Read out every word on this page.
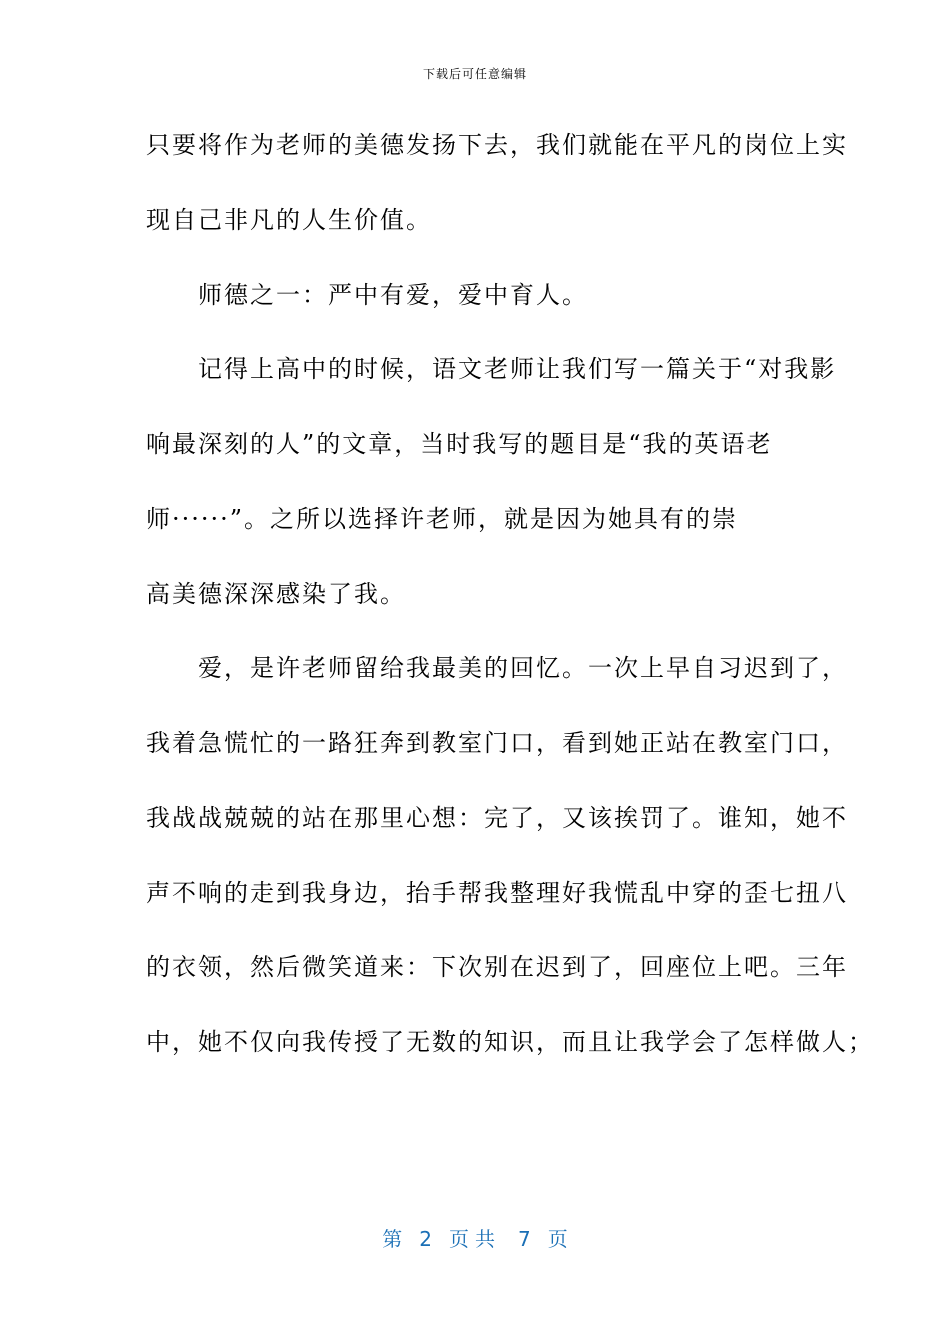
下载后可任意编辑
只要将作为老师的美德发扬下去，我们就能在平凡的岗位上实
现自己非凡的人生价值。
　　师德之一：严中有爱，爱中育人。
　　记得上高中的时候，语文老师让我们写一篇关于“对我影
响最深刻的人”的文章，当时我写的题目是“我的英语老
师······”。之所以选择许老师，就是因为她具有的崇
高美德深深感染了我。
　　爱，是许老师留给我最美的回忆。一次上早自习迟到了，
我着急慌忙的一路狂奔到教室门口，看到她正站在教室门口，
我战战兢兢的站在那里心想：完了，又该挨罚了。谁知，她不
声不响的走到我身边，抬手帮我整理好我慌乱中穿的歪七扭八
的衣领，然后微笑道来：下次别在迟到了，回座位上吧。三年
中，她不仅向我传授了无数的知识，而且让我学会了怎样做人；
第 2 页共 7 页
